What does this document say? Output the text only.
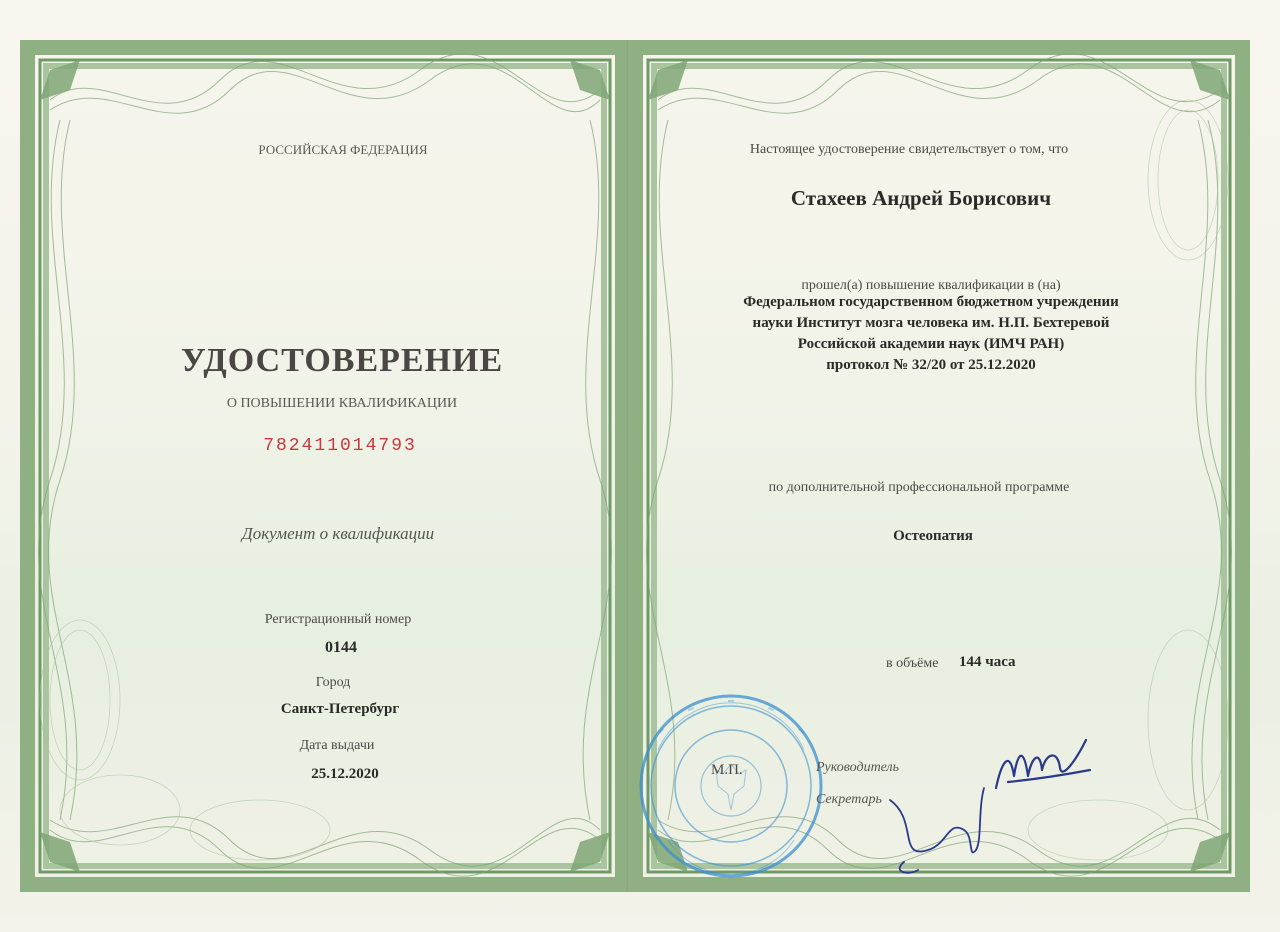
РОССИЙСКАЯ ФЕДЕРАЦИЯ
УДОСТОВЕРЕНИЕ
О ПОВЫШЕНИИ КВАЛИФИКАЦИИ
782411014793
Документ о квалификации
Регистрационный номер
0144
Город
Санкт-Петербург
Дата выдачи
25.12.2020
Настоящее удостоверение свидетельствует о том, что
Стахеев Андрей Борисович
прошел(а) повышение квалификации в (на)
Федеральном государственном бюджетном учреждении
науки Институт мозга человека им. Н.П. Бехтеревой
Российской академии наук (ИМЧ РАН)
протокол № 32/20 от 25.12.2020
по дополнительной профессиональной программе
Остеопатия
в объёме 144 часа
М.П.	Руководитель
Секретарь
